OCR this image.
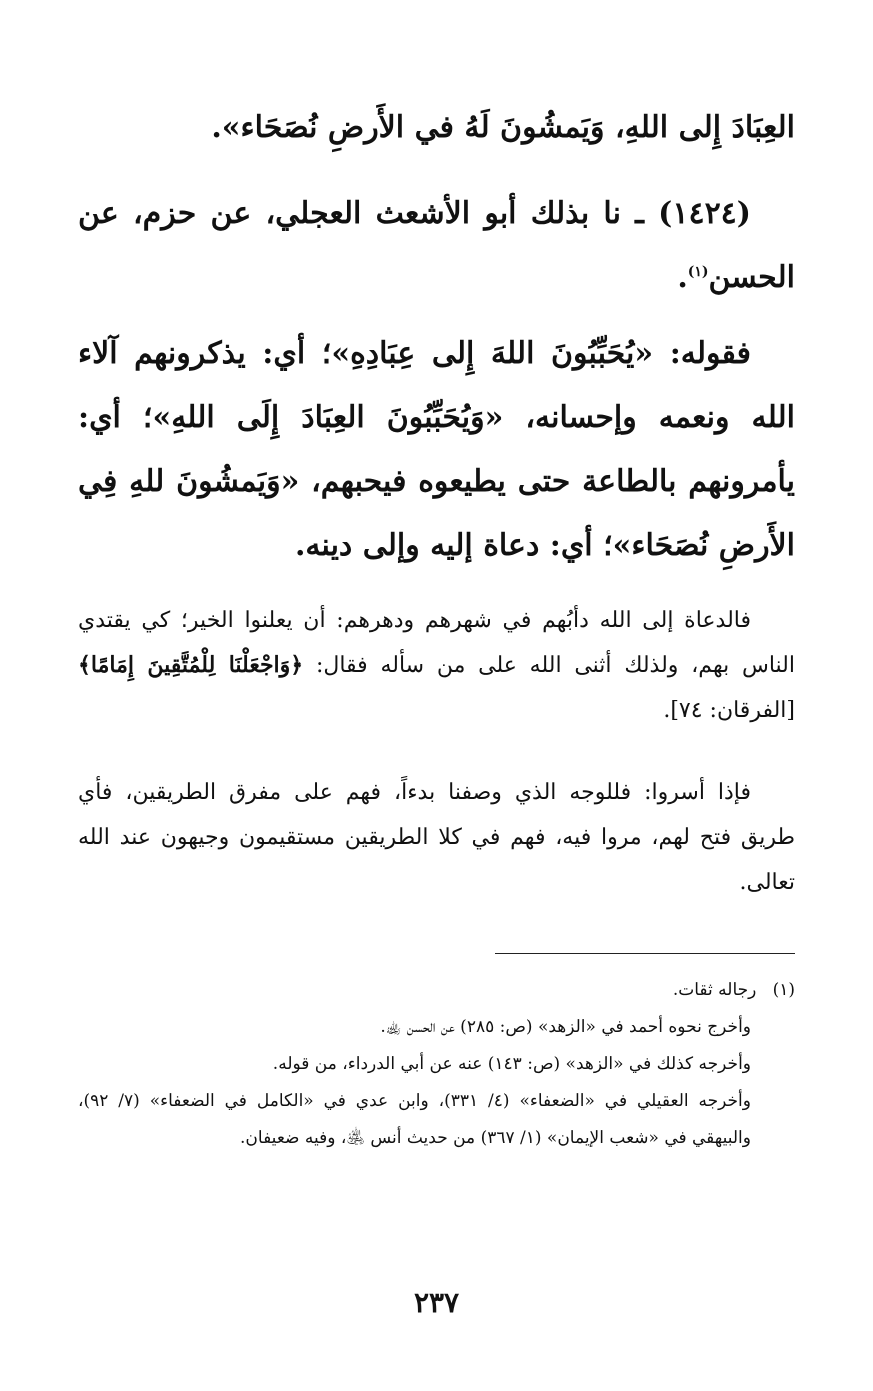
العِبَادَ إِلى اللهِ، وَيَمشُونَ لَهُ في الأَرضِ نُصَحَاء».

(١٤٢٤) ـ نا بذلك أبو الأشعث العجلي، عن حزم، عن الحسن$^{(١)}$.

فقوله: «يُحَبِّبُونَ اللهَ إِلى عِبَادِهِ»؛ أي: يذكرونهم آلاء الله ونعمه وإحسانه، «وَيُحَبِّبُونَ العِبَادَ إِلَى اللهِ»؛ أي: يأمرونهم بالطاعة حتى يطيعوه فيحبهم، «وَيَمشُونَ للهِ فِي الأَرضِ نُصَحَاء»؛ أي: دعاة إليه وإلى دينه.

فالدعاة إلى الله دأبُهم في شهرهم ودهرهم: أن يعلنوا الخير؛ كي يقتدي الناس بهم، ولذلك أثنى الله على من سأله فقال: ﴿وَاجْعَلْنَا لِلْمُتَّقِينَ إِمَامًا﴾ [الفرقان: ٧٤].

فإذا أسروا: فللوجه الذي وصفنا بدءاً، فهم على مفرق الطريقين، فأي طريق فتح لهم، مروا فيه، فهم في كلا الطريقين مستقيمون وجيهون عند الله تعالى.

(١)   رجاله ثقات.

وأخرج نحوه أحمد في «الزهد» (ص: ٢٨٥) عن الحسن ﵀.
وأخرجه كذلك في «الزهد» (ص: ١٤٣) عنه عن أبي الدرداء، من قوله.
وأخرجه العقيلي في «الضعفاء» (٤/ ٣٣١)، وابن عدي في «الكامل في الضعفاء» (٧/ ٩٢)، والبيهقي في «شعب الإيمان» (١/ ٣٦٧) من حديث أنس ﵁، وفيه ضعيفان.
٢٣٧
